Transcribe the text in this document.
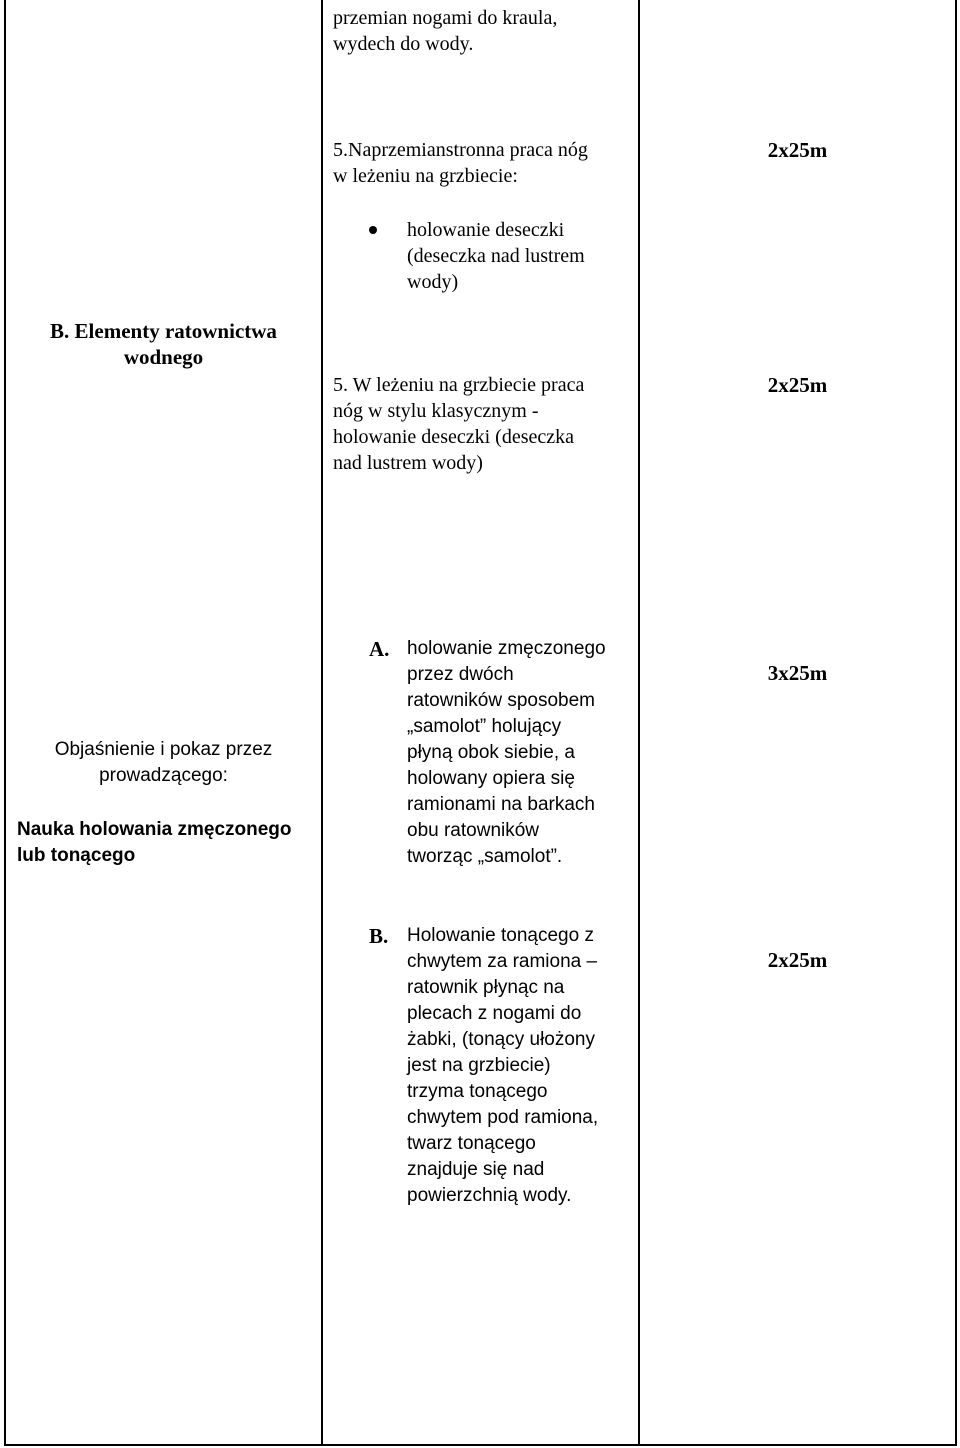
przemian nogami do kraula,
wydech do wody.
B. Elementy ratownictwa
wodnego
5.Naprzemianstronna praca nóg
w leżeniu na grzbiecie:
holowanie deseczki
(deseczka nad lustrem
wody)
2x25m
5. W leżeniu na grzbiecie praca
nóg w stylu klasycznym -
holowanie deseczki (deseczka
nad lustrem wody)
2x25m
Objaśnienie i pokaz przez
prowadzącego:
Nauka holowania zmęczonego
lub tonącego
A. holowanie zmęczonego
przez dwóch
ratowników sposobem
„samolot” holujący
płyną obok siebie, a
holowany opiera się
ramionami na barkach
obu ratowników
tworząc „samolot”.
3x25m
B. Holowanie tonącego z
chwytem za ramiona –
ratownik płynąc na
plecach z nogami do
żabki, (tonący ułożony
jest na grzbiecie)
trzyma tonącego
chwytem pod ramiona,
twarz tonącego
znajduje się nad
powierzchnią wody.
2x25m
